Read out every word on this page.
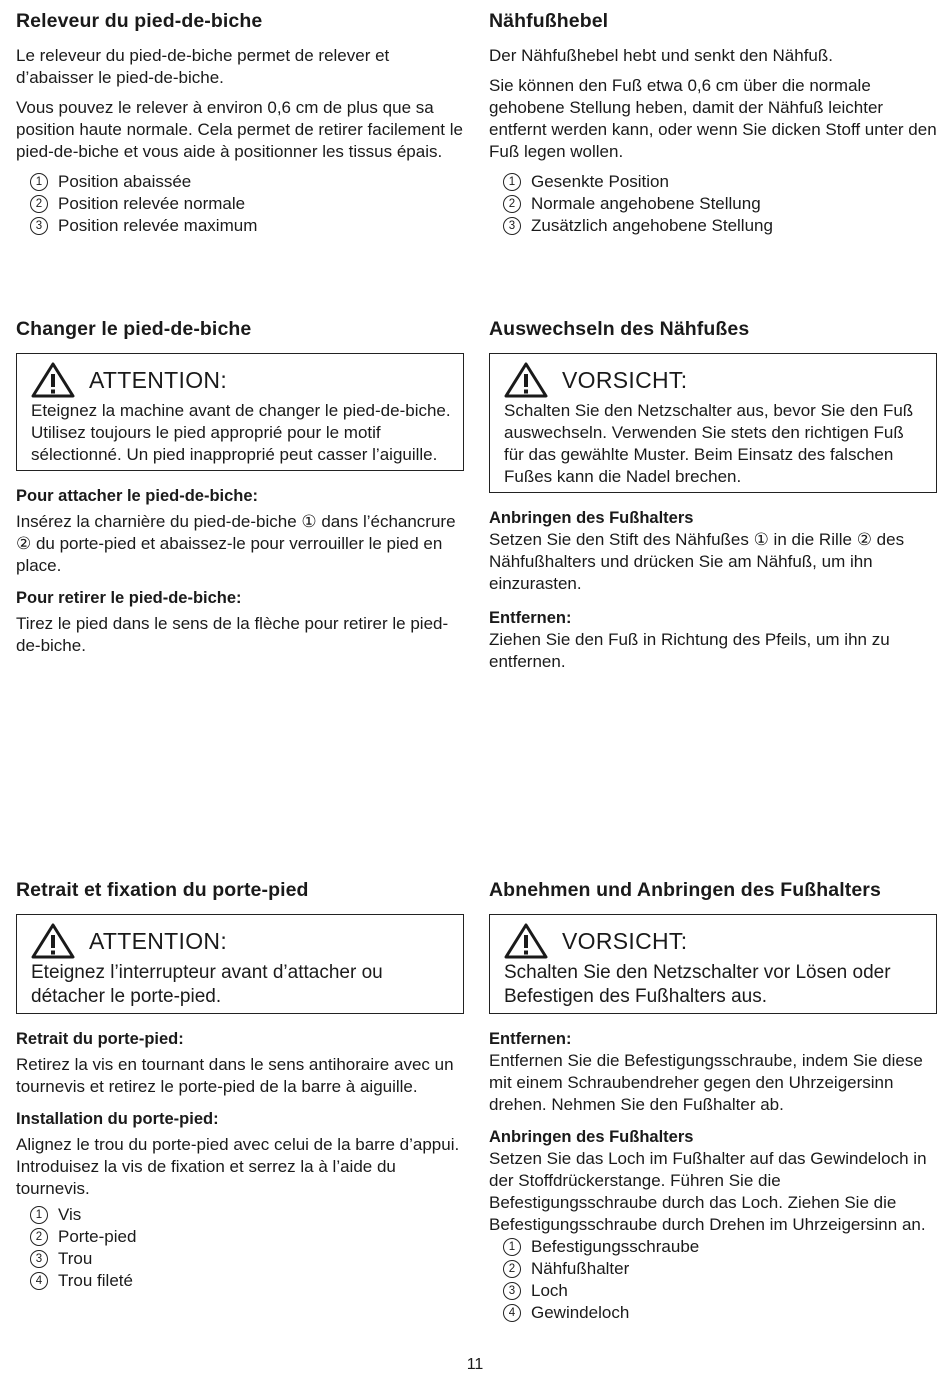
Releveur du pied-de-biche

Le releveur du pied-de-biche permet de relever et d’abaisser le pied-de-biche.

Vous pouvez le relever à environ 0,6 cm de plus que sa position haute normale. Cela permet de retirer facilement le pied-de-biche et vous aide à positionner les tissus épais.

1 Position abaissée
2 Position relevée normale
3 Position relevée maximum
Changer le pied-de-biche
ATTENTION:

Eteignez la machine avant de changer le pied-de-biche. Utilisez toujours le pied approprié pour le motif sélectionné. Un pied inapproprié peut casser l’aiguille.

Pour attacher le pied-de-biche:

Insérez la charnière du pied-de-biche ① dans l’échancrure ② du porte-pied et abaissez-le pour verrouiller le pied en place.

Pour retirer le pied-de-biche:

Tirez le pied dans le sens de la flèche pour retirer le pied-de-biche.

Retrait et fixation du porte-pied
ATTENTION:

Eteignez l’interrupteur avant d’attacher ou détacher le porte-pied.

Retrait du porte-pied:

Retirez la vis en tournant dans le sens antihoraire avec un tournevis et retirez le porte-pied de la barre à aiguille.

Installation du porte-pied:

Alignez le trou du porte-pied avec celui de la barre d’appui. Introduisez la vis de fixation et serrez la à l’aide du tournevis.

1 Vis
2 Porte-pied
3 Trou
4 Trou fileté
Nähfußhebel

Der Nähfußhebel hebt und senkt den Nähfuß.

Sie können den Fuß etwa 0,6 cm über die normale gehobene Stellung heben, damit der Nähfuß leichter entfernt werden kann, oder wenn Sie dicken Stoff unter den Fuß legen wollen.

1 Gesenkte Position
2 Normale angehobene Stellung
3 Zusätzlich angehobene Stellung
Auswechseln des Nähfußes
VORSICHT:

Schalten Sie den Netzschalter aus, bevor Sie den Fuß auswechseln. Verwenden Sie stets den richtigen Fuß für das gewählte Muster. Beim Einsatz des falschen Fußes kann die Nadel brechen.

Anbringen des Fußhalters

Setzen Sie den Stift des Nähfußes ① in die Rille ② des Nähfußhalters und drücken Sie am Nähfuß, um ihn einzurasten.

Entfernen:

Ziehen Sie den Fuß in Richtung des Pfeils, um ihn zu entfernen.

Abnehmen und Anbringen des Fußhalters
VORSICHT:

Schalten Sie den Netzschalter vor Lösen oder Befestigen des Fußhalters aus.

Entfernen:

Entfernen Sie die Befestigungsschraube, indem Sie diese mit einem Schraubendreher gegen den Uhrzeigersinn drehen. Nehmen Sie den Fußhalter ab.

Anbringen des Fußhalters

Setzen Sie das Loch im Fußhalter auf das Gewindeloch in der Stoffdrückerstange. Führen Sie die Befestigungsschraube durch das Loch. Ziehen Sie die Befestigungsschraube durch Drehen im Uhrzeigersinn an.

1 Befestigungsschraube
2 Nähfußhalter
3 Loch
4 Gewindeloch
11
